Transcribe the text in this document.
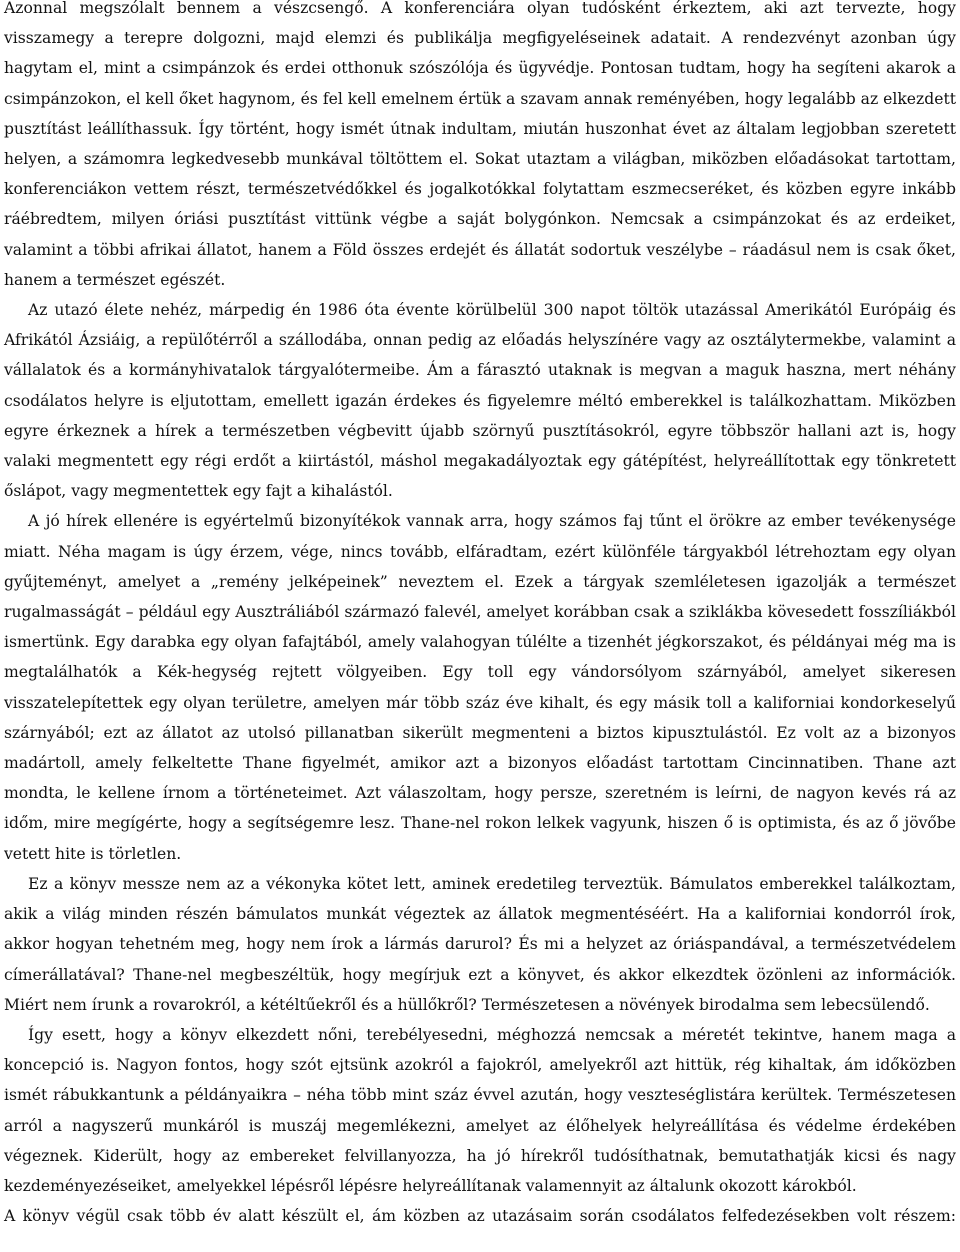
Azonnal megszólalt bennem a vészcsengő. A konferenciára olyan tudósként érkeztem, aki azt tervezte, hogy visszamegy a terepre dolgozni, majd elemzi és publikálja megfigyeléseinek adatait. A rendezvényt azonban úgy hagytam el, mint a csimpánzok és erdei otthonuk szószólója és ügyvédje. Pontosan tudtam, hogy ha segíteni akarok a csimpánzokon, el kell őket hagynom, és fel kell emelnem értük a szavam annak reményében, hogy legalább az elkezdett pusztítást leállíthassuk. Így történt, hogy ismét útnak indultam, miután huszonhat évet az általam legjobban szeretett helyen, a számomra legkedvesebb munkával töltöttem el. Sokat utaztam a világban, miközben előadásokat tartottam, konferenciákon vettem részt, természetvédőkkel és jogalkotókkal folytattam eszmecseréket, és közben egyre inkább ráébredtem, milyen óriási pusztítást vittünk végbe a saját bolygónkon. Nemcsak a csimpánzokat és az erdeiket, valamint a többi afrikai állatot, hanem a Föld összes erdejét és állatát sodortuk veszélybe – ráadásul nem is csak őket, hanem a természet egészét.

Az utazó élete nehéz, márpedig én 1986 óta évente körülbelül 300 napot töltök utazással Amerikától Európáig és Afrikától Ázsiáig, a repülőtérről a szállodába, onnan pedig az előadás helyszínére vagy az osztálytermekbe, valamint a vállalatok és a kormányhivatalok tárgyalótermeibe. Ám a fárasztó utaknak is megvan a maguk haszna, mert néhány csodálatos helyre is eljutottam, emellett igazán érdekes és figyelemre méltó emberekkel is találkozhattam. Miközben egyre érkeznek a hírek a természetben végbevitt újabb szörnyű pusztításokról, egyre többször hallani azt is, hogy valaki megmentett egy régi erdőt a kiirtástól, máshol megakadályoztak egy gátépítést, helyreállítottak egy tönkretett őslápot, vagy megmentettek egy fajt a kihalástól.

A jó hírek ellenére is egyértelmű bizonyítékok vannak arra, hogy számos faj tűnt el örökre az ember tevékenysége miatt. Néha magam is úgy érzem, vége, nincs tovább, elfáradtam, ezért különféle tárgyakból létrehoztam egy olyan gyűjteményt, amelyet a „remény jelképeinek” neveztem el. Ezek a tárgyak szemléletesen igazolják a természet rugalmasságát – például egy Ausztráliából származó falevél, amelyet korábban csak a sziklákba kövesedett fosszíliákból ismertünk. Egy darabka egy olyan fafajtából, amely valahogyan túlélte a tizenhét jégkorszakot, és példányai még ma is megtalálhatók a Kék-hegység rejtett völgyeiben. Egy toll egy vándorsólyom szárnyából, amelyet sikeresen visszatelepítettek egy olyan területre, amelyen már több száz éve kihalt, és egy másik toll a kaliforniai kondorkeselyű szárnyából; ezt az állatot az utolsó pillanatban sikerült megmenteni a biztos kipusztulástól. Ez volt az a bizonyos madártoll, amely felkeltette Thane figyelmét, amikor azt a bizonyos előadást tartottam Cincinnatiben. Thane azt mondta, le kellene írnom a történeteimet. Azt válaszoltam, hogy persze, szeretném is leírni, de nagyon kevés rá az időm, mire megígérte, hogy a segítségemre lesz. Thane-nel rokon lelkek vagyunk, hiszen ő is optimista, és az ő jövőbe vetett hite is törletlen.

Ez a könyv messze nem az a vékonyka kötet lett, aminek eredetileg terveztük. Bámulatos emberekkel találkoztam, akik a világ minden részén bámulatos munkát végeztek az állatok megmentéséért. Ha a kaliforniai kondorról írok, akkor hogyan tehetném meg, hogy nem írok a lármás darurol? És mi a helyzet az óriáspandával, a természetvédelem címerállatával? Thane-nel megbeszéltük, hogy megírjuk ezt a könyvet, és akkor elkezdtek özönleni az információk. Miért nem írunk a rovarokról, a kétéltűekről és a hüllőkről? Természetesen a növények birodalma sem lebecsülendő.

Így esett, hogy a könyv elkezdett nőni, terebélyesedni, méghozzá nemcsak a méretét tekintve, hanem maga a koncepció is. Nagyon fontos, hogy szót ejtsünk azokról a fajokról, amelyekről azt hittük, rég kihaltak, ám időközben ismét rábukkantunk a példányaikra – néha több mint száz évvel azután, hogy veszteséglistára kerültek. Természetesen arról a nagyszerű munkáról is muszáj megemlékezni, amelyet az élőhelyek helyreállítása és védelme érdekében végeznek. Kiderült, hogy az embereket felvillanyozza, ha jó hírekről tudósíthatnak, bemutathatják kicsi és nagy kezdeményezéseiket, amelyekkel lépésről lépésre helyreállítanak valamennyit az általunk okozott károkból.

A könyv végül csak több év alatt készült el, ám közben az utazásaim során csodálatos felfedezésekben volt részem:
